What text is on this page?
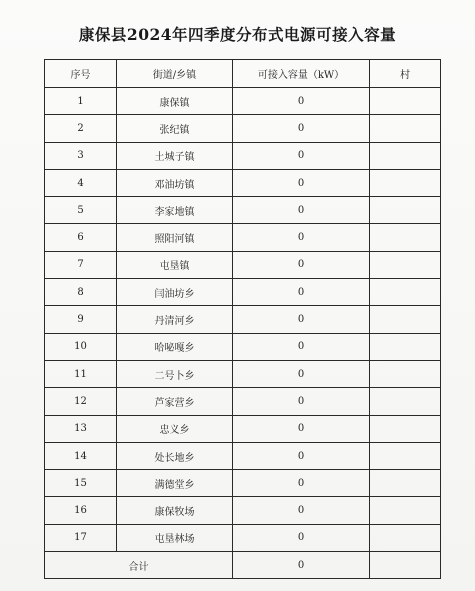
康保县2024年四季度分布式电源可接入容量
序号	街道/乡镇	可接入容量（kW）	村
1	康保镇	0	
2	张纪镇	0	
3	土城子镇	0	
4	邓油坊镇	0	
5	李家地镇	0	
6	照阳河镇	0	
7	屯垦镇	0	
8	闫油坊乡	0	
9	丹清河乡	0	
10	哈咇嘎乡	0	
11	二号卜乡	0	
12	芦家营乡	0	
13	忠义乡	0	
14	处长地乡	0	
15	满德堂乡	0	
16	康保牧场	0	
17	屯垦林场	0	
合计		0	
